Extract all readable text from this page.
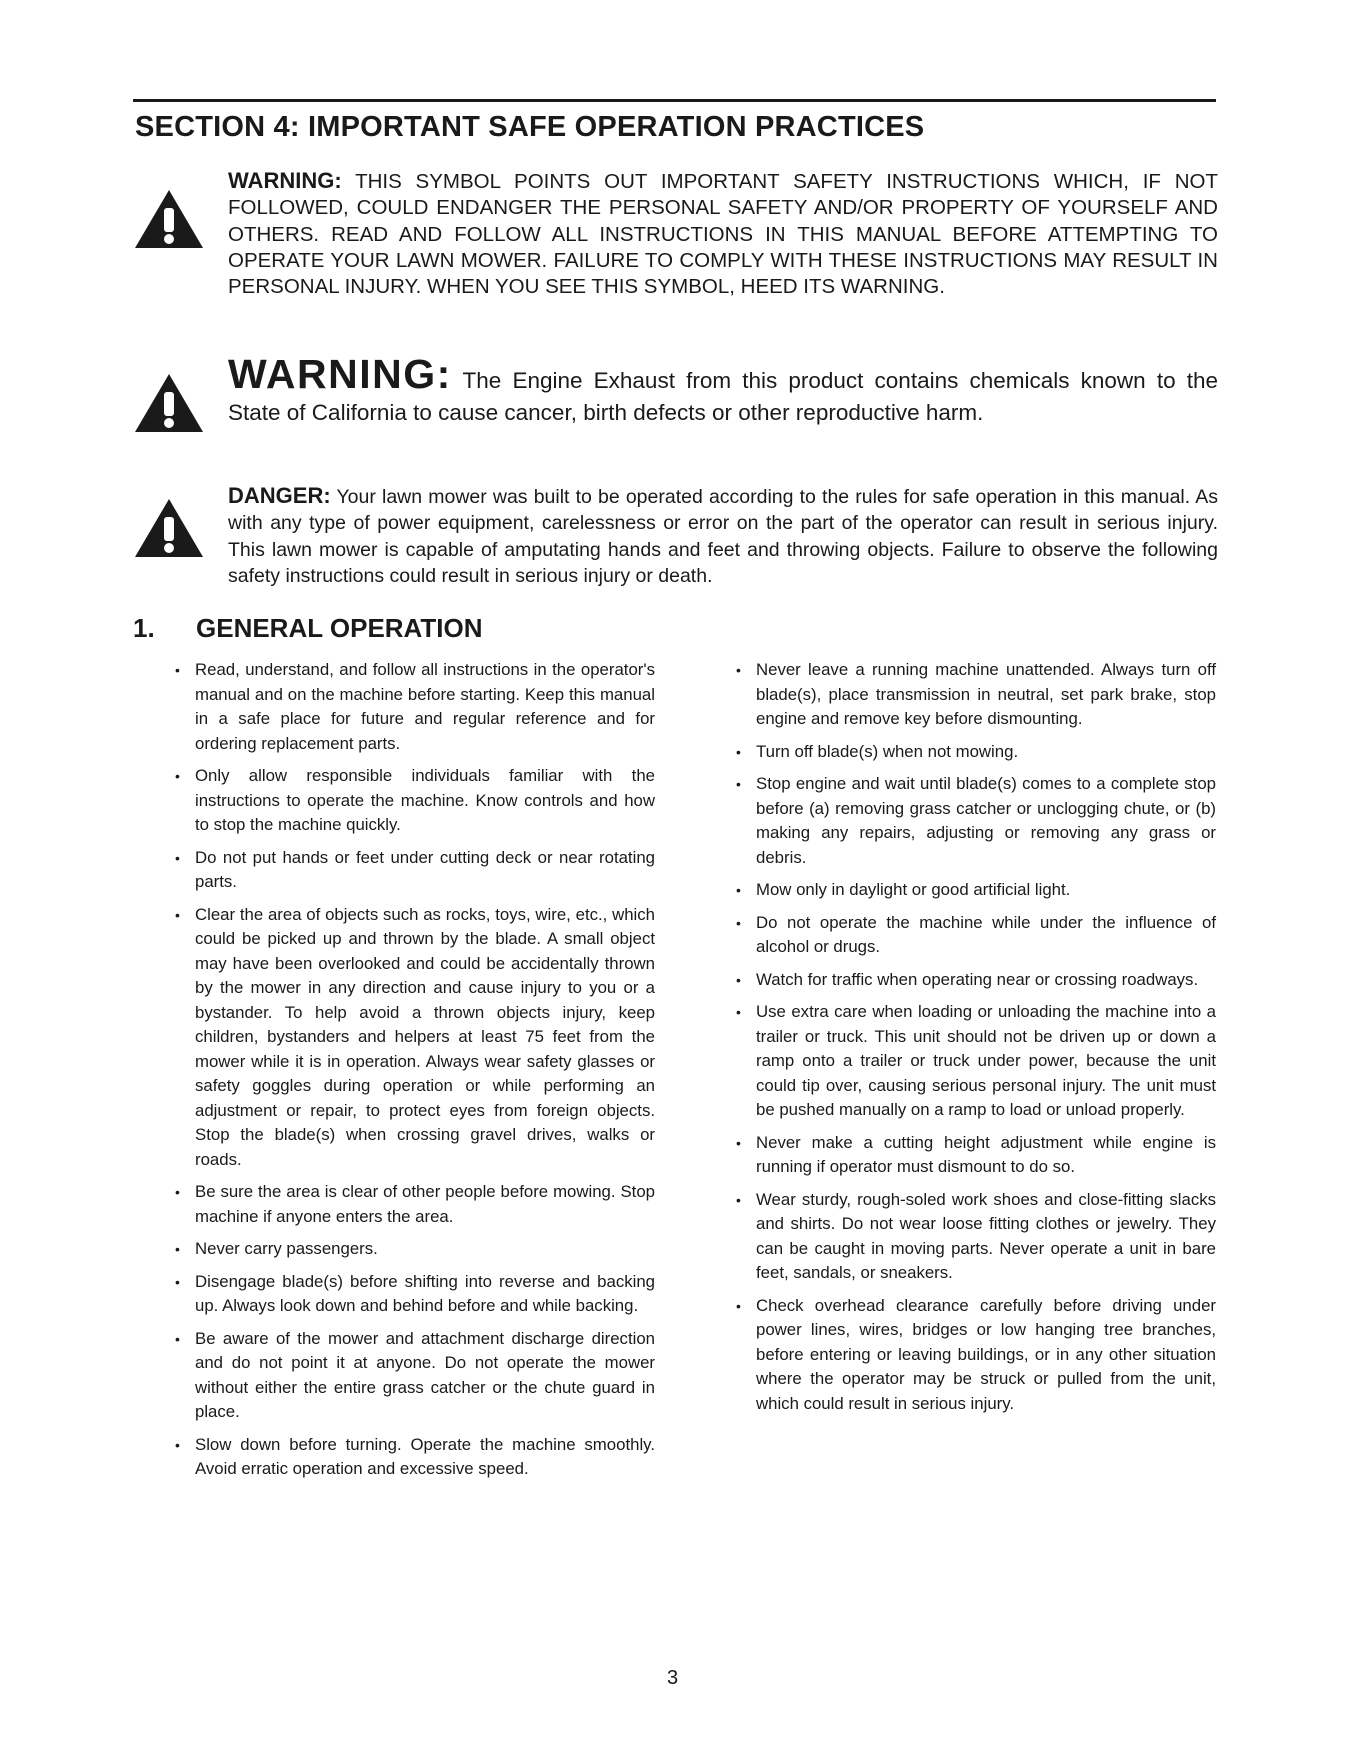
SECTION 4: IMPORTANT SAFE OPERATION PRACTICES
WARNING: THIS SYMBOL POINTS OUT IMPORTANT SAFETY INSTRUCTIONS WHICH, IF NOT FOLLOWED, COULD ENDANGER THE PERSONAL SAFETY AND/OR PROPERTY OF YOURSELF AND OTHERS. READ AND FOLLOW ALL INSTRUCTIONS IN THIS MANUAL BEFORE ATTEMPTING TO OPERATE YOUR LAWN MOWER. FAILURE TO COMPLY WITH THESE INSTRUCTIONS MAY RESULT IN PERSONAL INJURY. WHEN YOU SEE THIS SYMBOL, HEED ITS WARNING.
WARNING: The Engine Exhaust from this product contains chemicals known to the State of California to cause cancer, birth defects or other reproductive harm.
DANGER: Your lawn mower was built to be operated according to the rules for safe operation in this manual. As with any type of power equipment, carelessness or error on the part of the operator can result in serious injury. This lawn mower is capable of amputating hands and feet and throwing objects. Failure to observe the following safety instructions could result in serious injury or death.
1. GENERAL OPERATION
• Read, understand, and follow all instructions in the operator's manual and on the machine before starting. Keep this manual in a safe place for future and regular reference and for ordering replacement parts.
• Only allow responsible individuals familiar with the instructions to operate the machine. Know controls and how to stop the machine quickly.
• Do not put hands or feet under cutting deck or near rotating parts.
• Clear the area of objects such as rocks, toys, wire, etc., which could be picked up and thrown by the blade. A small object may have been overlooked and could be accidentally thrown by the mower in any direction and cause injury to you or a bystander. To help avoid a thrown objects injury, keep children, bystanders and helpers at least 75 feet from the mower while it is in operation. Always wear safety glasses or safety goggles during operation or while performing an adjustment or repair, to protect eyes from foreign objects. Stop the blade(s) when crossing gravel drives, walks or roads.
• Be sure the area is clear of other people before mowing. Stop machine if anyone enters the area.
• Never carry passengers.
• Disengage blade(s) before shifting into reverse and backing up. Always look down and behind before and while backing.
• Be aware of the mower and attachment discharge direction and do not point it at anyone. Do not operate the mower without either the entire grass catcher or the chute guard in place.
• Slow down before turning. Operate the machine smoothly. Avoid erratic operation and excessive speed.
• Never leave a running machine unattended. Always turn off blade(s), place transmission in neutral, set park brake, stop engine and remove key before dismounting.
• Turn off blade(s) when not mowing.
• Stop engine and wait until blade(s) comes to a complete stop before (a) removing grass catcher or unclogging chute, or (b) making any repairs, adjusting or removing any grass or debris.
• Mow only in daylight or good artificial light.
• Do not operate the machine while under the influence of alcohol or drugs.
• Watch for traffic when operating near or crossing roadways.
• Use extra care when loading or unloading the machine into a trailer or truck. This unit should not be driven up or down a ramp onto a trailer or truck under power, because the unit could tip over, causing serious personal injury. The unit must be pushed manually on a ramp to load or unload properly.
• Never make a cutting height adjustment while engine is running if operator must dismount to do so.
• Wear sturdy, rough-soled work shoes and close-fitting slacks and shirts. Do not wear loose fitting clothes or jewelry. They can be caught in moving parts. Never operate a unit in bare feet, sandals, or sneakers.
• Check overhead clearance carefully before driving under power lines, wires, bridges or low hanging tree branches, before entering or leaving buildings, or in any other situation where the operator may be struck or pulled from the unit, which could result in serious injury.
3
